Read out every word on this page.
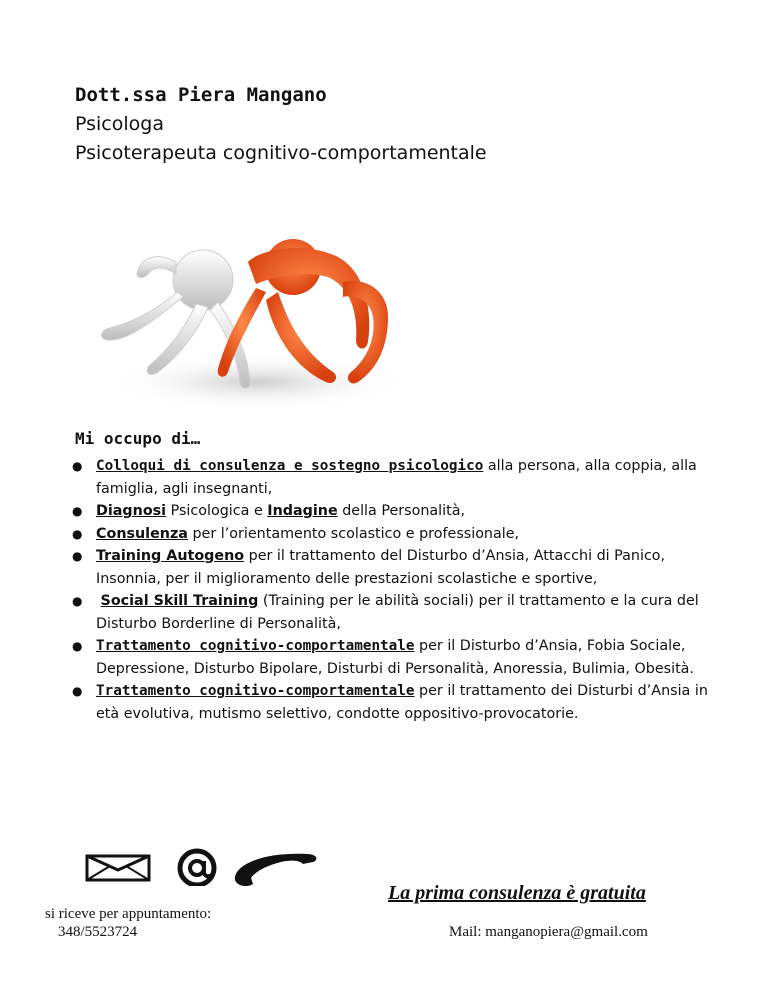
Dott.ssa Piera Mangano
Psicologa
Psicoterapeuta cognitivo-comportamentale
Mi occupo di…
● Colloqui di consulenza e sostegno psicologico alla persona, alla coppia, alla famiglia, agli insegnanti,
● Diagnosi Psicologica e Indagine della Personalità,
● Consulenza per l’orientamento scolastico e professionale,
● Training Autogeno per il trattamento del Disturbo d’Ansia, Attacchi di Panico, Insonnia, per il miglioramento delle prestazioni scolastiche e sportive,
● Social Skill Training (Training per le abilità sociali) per il trattamento e la cura del Disturbo Borderline di Personalità,
● Trattamento cognitivo-comportamentale per il Disturbo d’Ansia, Fobia Sociale, Depressione, Disturbo Bipolare, Disturbi di Personalità, Anoressia, Bulimia, Obesità.
● Trattamento cognitivo-comportamentale per il trattamento dei Disturbi d’Ansia in età evolutiva, mutismo selettivo, condotte oppositivo-provocatorie.
La prima consulenza è gratuita
si riceve per appuntamento:
348/5523724	Mail: manganopiera@gmail.com
